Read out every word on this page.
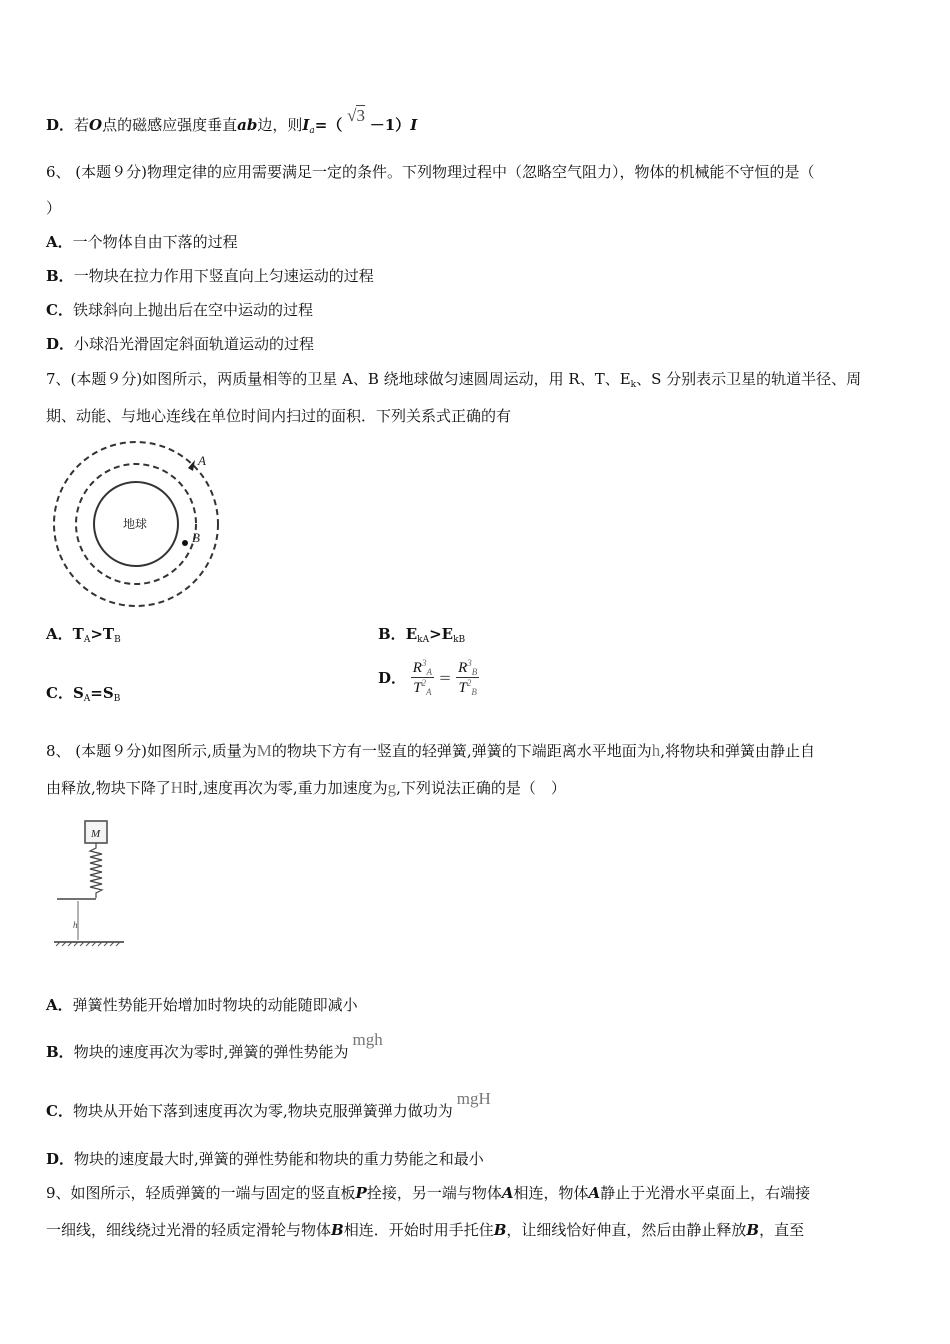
D．若O点的磁感应强度垂直ab边，则$I_a=$（ √3 －1）I
6、 (本题９分)物理定律的应用需要满足一定的条件。下列物理过程中（忽略空气阻力），物体的机械能不守恒的是（
）
A．一个物体自由下落的过程
B．一物块在拉力作用下竖直向上匀速运动的过程
C．铁球斜向上抛出后在空中运动的过程
D．小球沿光滑固定斜面轨道运动的过程
7、(本题９分)如图所示，两质量相等的卫星 A、B 绕地球做匀速圆周运动，用 R、T、$E_k$、S 分别表示卫星的轨道半径、周
期、动能、与地心连线在单位时间内扫过的面积．下列关系式正确的有
地球
A
B
A．$T_A>T_B$	B．$E_{kA}>E_{kB}$
C．$S_A=S_B$
D． $\frac{R^3_A}{T^2_A} = \frac{R^3_B}{T^2_B}$
8、 (本题９分)如图所示,质量为M的物块下方有一竖直的轻弹簧,弹簧的下端距离水平地面为h,将物块和弹簧由静止自
由释放,物块下降了H时,速度再次为零,重力加速度为g,下列说法正确的是（　）
M
h
A．弹簧性势能开始增加时物块的动能随即减小
B．物块的速度再次为零时,弹簧的弹性势能为mgh
C．物块从开始下落到速度再次为零,物块克服弹簧弹力做功为mgH
D．物块的速度最大时,弹簧的弹性势能和物块的重力势能之和最小
9、如图所示，轻质弹簧的一端与固定的竖直板P拴接，另一端与物体A相连，物体A静止于光滑水平桌面上，右端接
一细线，细线绕过光滑的轻质定滑轮与物体B相连．开始时用手托住B，让细线恰好伸直，然后由静止释放B，直至
